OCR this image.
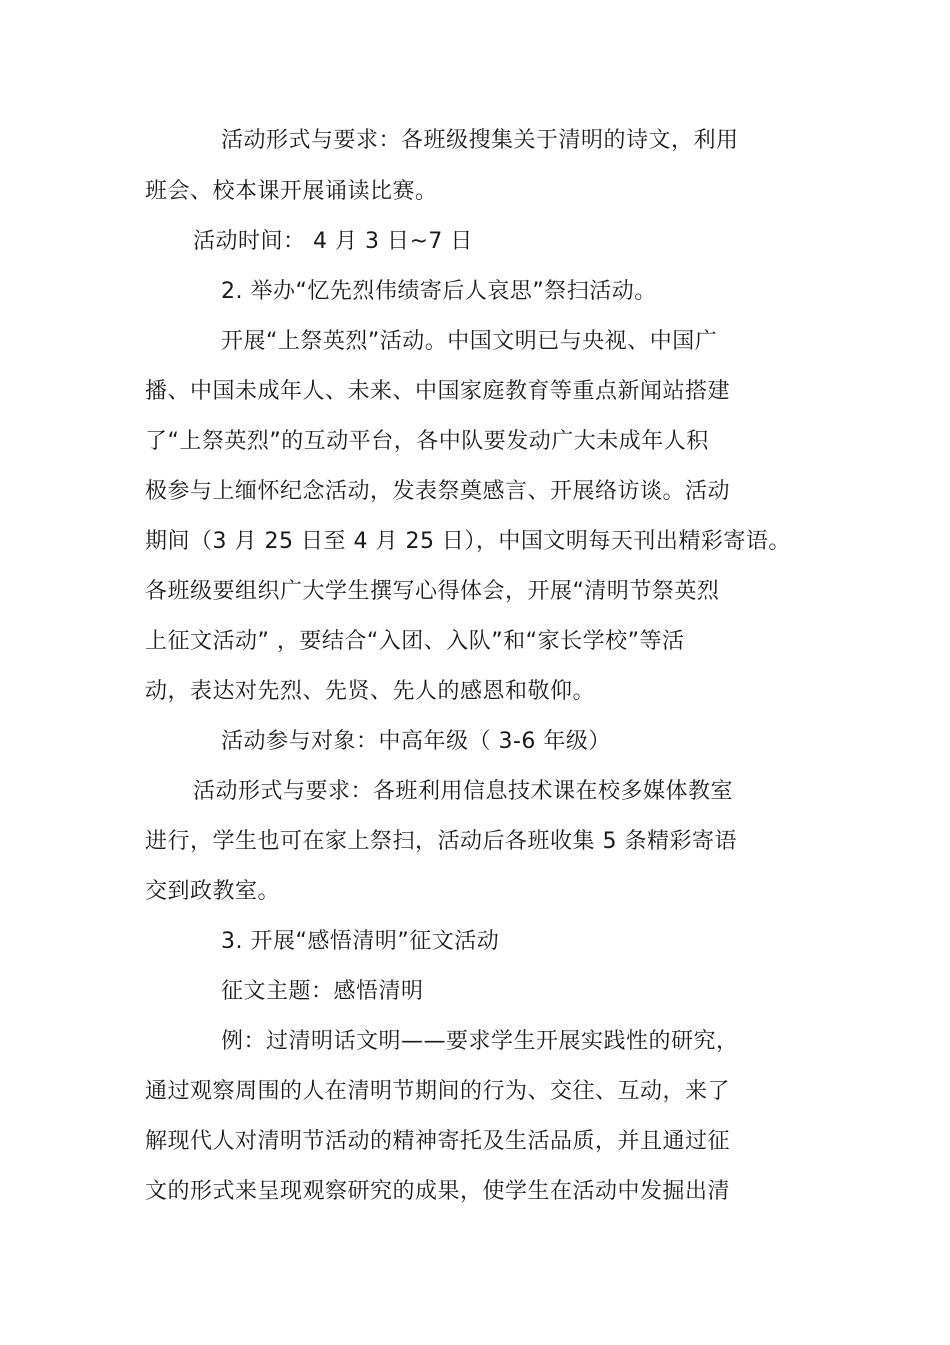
活动形式与要求：各班级搜集关于清明的诗文，利用
班会、校本课开展诵读比赛。
活动时间： 4 月 3 日~7 日
2. 举办“忆先烈伟绩寄后人哀思”祭扫活动。
开展“上祭英烈”活动。中国文明已与央视、中国广
播、中国未成年人、未来、中国家庭教育等重点新闻站搭建
了“上祭英烈”的互动平台，各中队要发动广大未成年人积
极参与上缅怀纪念活动，发表祭奠感言、开展络访谈。活动
期间（3 月 25 日至 4 月 25 日），中国文明每天刊出精彩寄语。
各班级要组织广大学生撰写心得体会，开展“清明节祭英烈
上征文活动” ，要结合“入团、入队”和“家长学校”等活
动，表达对先烈、先贤、先人的感恩和敬仰。
活动参与对象：中高年级（ 3-6 年级）
活动形式与要求：各班利用信息技术课在校多媒体教室
进行，学生也可在家上祭扫，活动后各班收集 5 条精彩寄语
交到政教室。
3. 开展“感悟清明”征文活动
征文主题：感悟清明
例：过清明话文明——要求学生开展实践性的研究，
通过观察周围的人在清明节期间的行为、交往、互动，来了
解现代人对清明节活动的精神寄托及生活品质，并且通过征
文的形式来呈现观察研究的成果，使学生在活动中发掘出清
